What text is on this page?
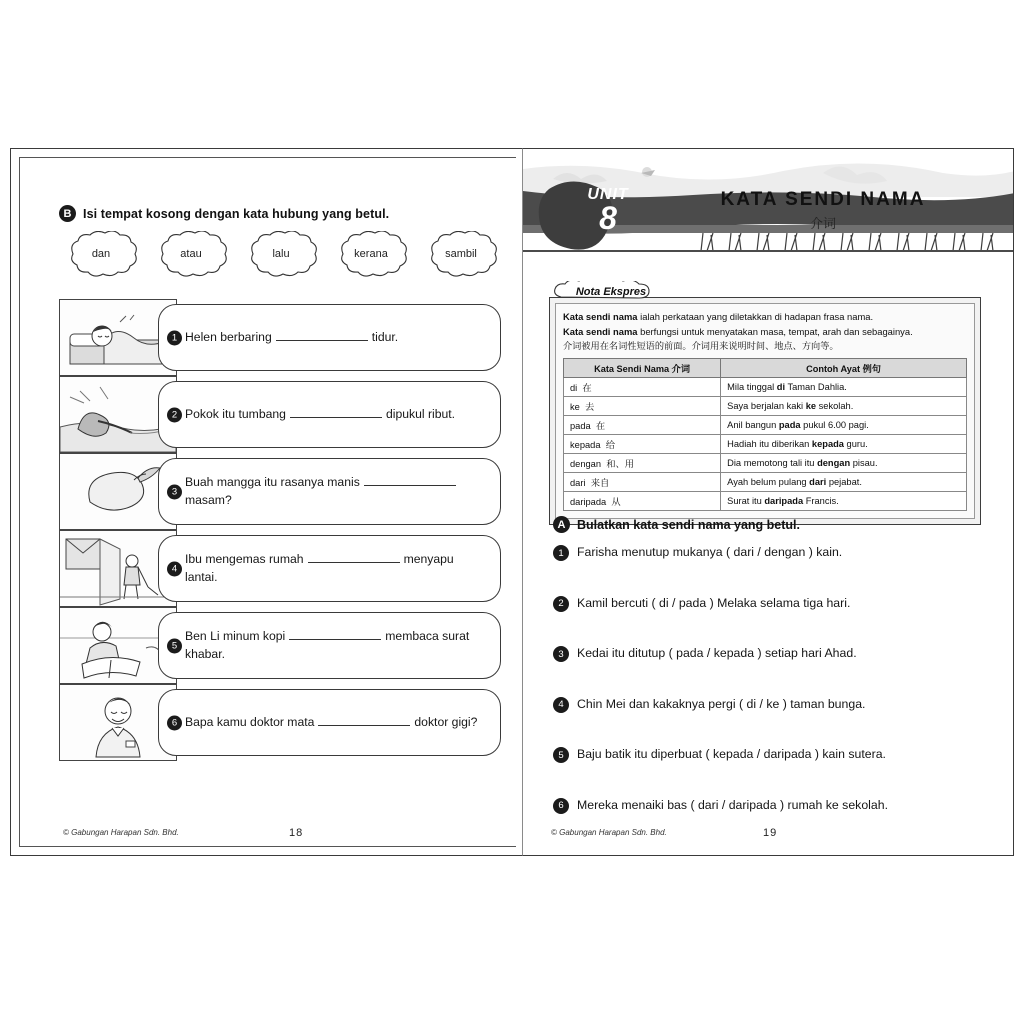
B Isi tempat kosong dengan kata hubung yang betul.
dan	atau	lalu	kerana	sambil
1 Helen berbaring	tidur.
2 Pokok itu tumbang	dipukul ribut.
3
Buah mangga itu rasanya manis
masam?
4
Ibu mengemas rumah	menyapu lantai.
5
Ben Li minum kopi	membaca surat khabar.
6 Bapa kamu doktor mata	doktor gigi?
© Gabungan Harapan Sdn. Bhd.	18
UNIT
8
KATA SENDI NAMA
介词
Nota Ekspres
Kata sendi nama ialah perkataan yang diletakkan di hadapan frasa nama.
Kata sendi nama berfungsi untuk menyatakan masa, tempat, arah dan sebagainya.
介词被用在名词性短语的前面。介词用来说明时间、地点、方向等。
Kata Sendi Nama 介词	Contoh Ayat 例句
di 在	Mila tinggal di Taman Dahlia.
ke 去	Saya berjalan kaki ke sekolah.
pada 在	Anil bangun pada pukul 6.00 pagi.
kepada 给	Hadiah itu diberikan kepada guru.
dengan 和、用	Dia memotong tali itu dengan pisau.
dari 来自	Ayah belum pulang dari pejabat.
daripada 从	Surat itu daripada Francis.
A Bulatkan kata sendi nama yang betul.
1	Farisha menutup mukanya ( dari / dengan ) kain.
2	Kamil bercuti ( di / pada ) Melaka selama tiga hari.
3	Kedai itu ditutup ( pada / kepada ) setiap hari Ahad.
4	Chin Mei dan kakaknya pergi ( di / ke ) taman bunga.
5	Baju batik itu diperbuat ( kepada / daripada ) kain sutera.
6	Mereka menaiki bas ( dari / daripada ) rumah ke sekolah.
© Gabungan Harapan Sdn. Bhd.	19
